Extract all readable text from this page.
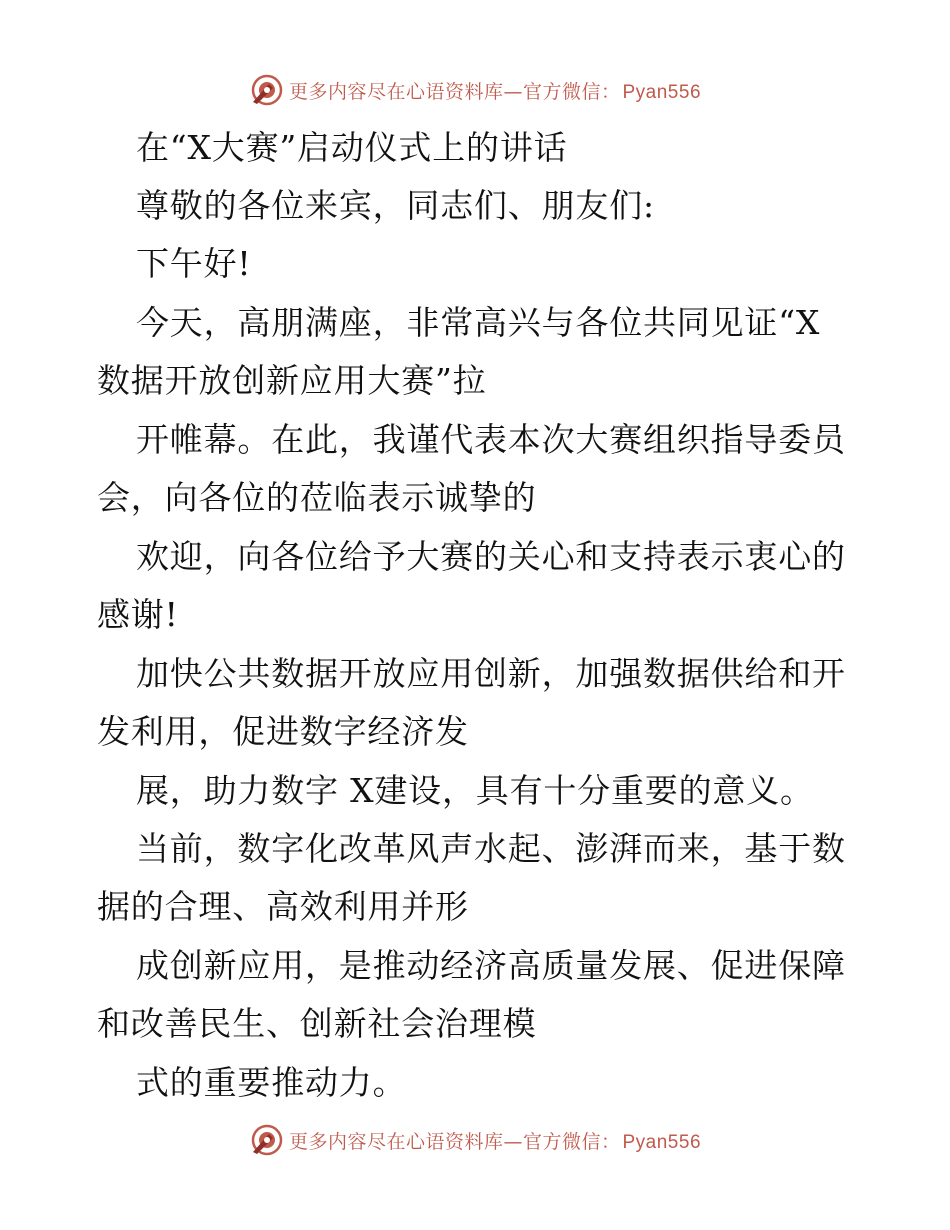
更多内容尽在心语资料库—官方微信： Pyan556
在“X大赛”启动仪式上的讲话
尊敬的各位来宾，同志们、朋友们:
下午好!
今天，高朋满座，非常高兴与各位共同见证“X
数据开放创新应用大赛”拉
开帷幕。在此，我谨代表本次大赛组织指导委员
会，向各位的莅临表示诚挚的
欢迎，向各位给予大赛的关心和支持表示衷心的
感谢!
加快公共数据开放应用创新，加强数据供给和开
发利用，促进数字经济发
展，助力数字 X建设，具有十分重要的意义。
当前，数字化改革风声水起、澎湃而来，基于数
据的合理、高效利用并形
成创新应用，是推动经济高质量发展、促进保障
和改善民生、创新社会治理模
式的重要推动力。
更多内容尽在心语资料库—官方微信： Pyan556
